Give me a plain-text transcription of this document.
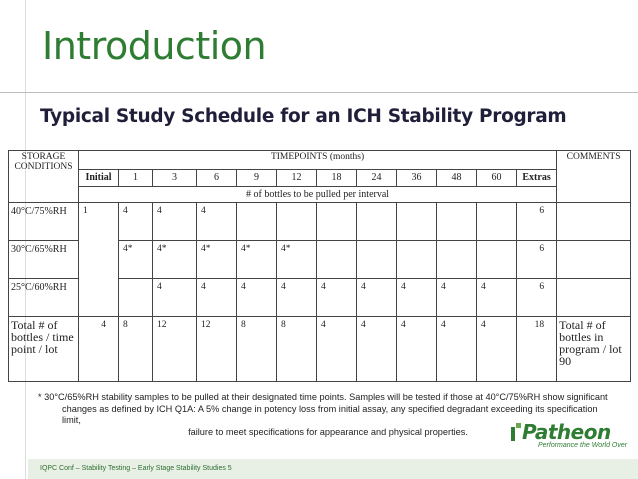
Introduction
Typical Study Schedule for an ICH Stability Program
STORAGE CONDITIONS	TIMEPOINTS (months)												COMMENTS
	Initial	1	3	6	9	12	18	24	36	48	60	Extras	
	# of bottles to be pulled per interval												
40°C/75%RH	1	4	4	4								6	
30°C/65%RH		4*	4*	4*	4*	4*						6	
25°C/60%RH			4	4	4	4	4	4	4	4	4	6	
Total # of bottles / time point / lot	4	8	12	12	8	8	4	4	4	4	4	18	Total # of bottles in program / lot 90
* 30°C/65%RH stability samples to be pulled at their designated time points. Samples will be tested if those at 40°C/75%RH show significant
changes as defined by ICH Q1A: A 5% change in potency loss from initial assay, any specified degradant exceeding its specification limit,
failure to meet specifications for appearance and physical properties.	Patheon
Performance the World Over
IQPC Conf – Stability Testing – Early Stage Stability Studies 5
